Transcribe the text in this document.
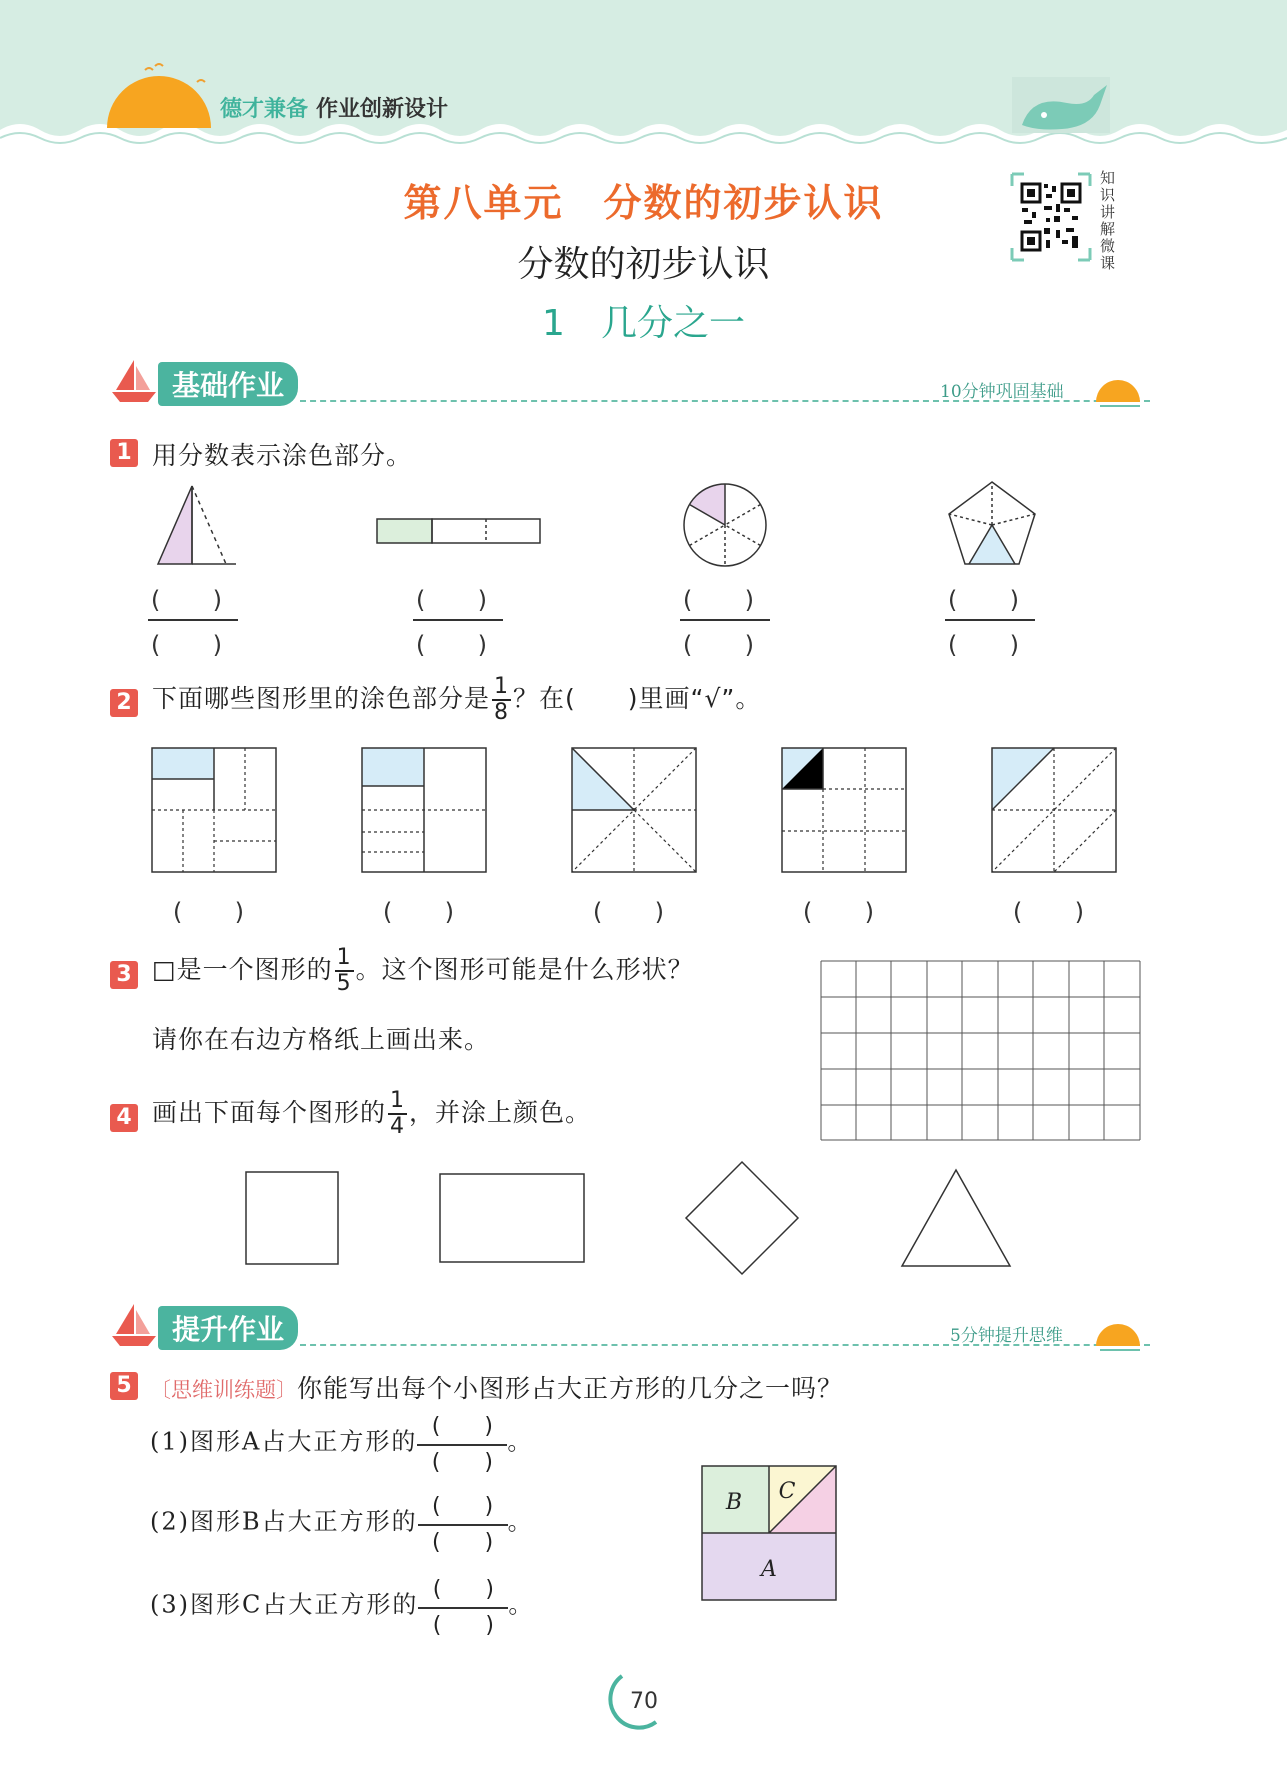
德才兼备 作业创新设计
第八单元　分数的初步认识
分数的初步认识
1　几分之一
知识讲解微课
基础作业	10分钟巩固基础
1 用分数表示涂色部分。
(　　)
(　　)
(　　)
(　　)
(　　)
(　　)
(　　)
(　　)
2 下面哪些图形里的涂色部分是 $\frac{1}{8}$ ？在(　　)里画“√”。
(　　)	(　　)	(　　)	(　　)	(　　)
3 □是一个图形的 $\frac{1}{5}$ 。这个图形可能是什么形状？
请你在右边方格纸上画出来。
4 画出下面每个图形的 $\frac{1}{4}$ ，并涂上颜色。
提升作业	5分钟提升思维
5 〔思维训练题〕你能写出每个小图形占大正方形的几分之一吗？
(1)图形A占大正方形的
(　　)
(　　)
。
(2)图形B占大正方形的
(　　)
(　　)
。
(3)图形C占大正方形的
(　　)
(　　)
。
B C
A
70
